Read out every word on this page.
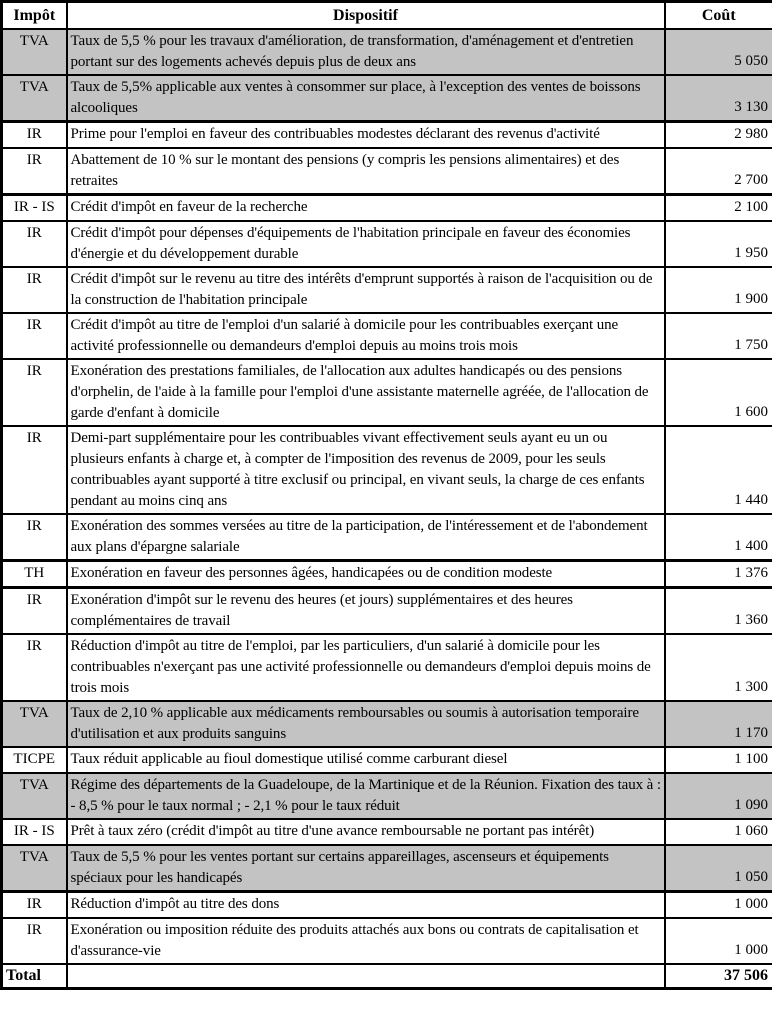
Impôt	Dispositif	Coût
TVA	Taux de 5,5 % pour les travaux d'amélioration, de transformation, d'aménagement et d'entretien portant sur des logements achevés depuis plus de deux ans	5 050
TVA	Taux de 5,5% applicable aux ventes à consommer sur place, à l'exception des ventes de boissons alcooliques	3 130
IR	Prime pour l'emploi en faveur des contribuables modestes déclarant des revenus d'activité	2 980
IR	Abattement de 10 % sur le montant des pensions (y compris les pensions alimentaires) et des retraites	2 700
IR - IS	Crédit d'impôt en faveur de la recherche	2 100
IR	Crédit d'impôt pour dépenses d'équipements de l'habitation principale en faveur des économies d'énergie et du développement durable	1 950
IR	Crédit d'impôt sur le revenu au titre des intérêts d'emprunt supportés à raison de l'acquisition ou de la construction de l'habitation principale	1 900
IR	Crédit d'impôt au titre de l'emploi d'un salarié à domicile pour les contribuables exerçant une activité professionnelle ou demandeurs d'emploi depuis au moins trois mois	1 750
IR	Exonération des prestations familiales, de l'allocation aux adultes handicapés ou des pensions d'orphelin, de l'aide à la famille pour l'emploi d'une assistante maternelle agréée, de l'allocation de garde d'enfant à domicile	1 600
IR	Demi-part supplémentaire pour les contribuables vivant effectivement seuls ayant eu un ou plusieurs enfants à charge et, à compter de l'imposition des revenus de 2009, pour les seuls contribuables ayant supporté à titre exclusif ou principal, en vivant seuls, la charge de ces enfants pendant au moins cinq ans	1 440
IR	Exonération des sommes versées au titre de la participation, de l'intéressement et de l'abondement aux plans d'épargne salariale	1 400
TH	Exonération en faveur des personnes âgées, handicapées ou de condition modeste	1 376
IR	Exonération d'impôt sur le revenu des heures (et jours) supplémentaires et des heures complémentaires de travail	1 360
IR	Réduction d'impôt au titre de l'emploi, par les particuliers, d'un salarié à domicile pour les contribuables n'exerçant pas une activité professionnelle ou demandeurs d'emploi depuis moins de trois mois	1 300
TVA	Taux de 2,10 % applicable aux médicaments remboursables ou soumis à autorisation temporaire d'utilisation et aux produits sanguins	1 170
TICPE	Taux réduit applicable au fioul domestique utilisé comme carburant diesel	1 100
TVA	Régime des départements de la Guadeloupe, de la Martinique et de la Réunion. Fixation des taux à : - 8,5 % pour le taux normal ; - 2,1 % pour le taux réduit	1 090
IR - IS	Prêt à taux zéro (crédit d'impôt au titre d'une avance remboursable ne portant pas intérêt)	1 060
TVA	Taux de 5,5 % pour les ventes portant sur certains appareillages, ascenseurs et équipements spéciaux pour les handicapés	1 050
IR	Réduction d'impôt au titre des dons	1 000
IR	Exonération ou imposition réduite des produits attachés aux bons ou contrats de capitalisation et d'assurance-vie	1 000
Total		37 506
